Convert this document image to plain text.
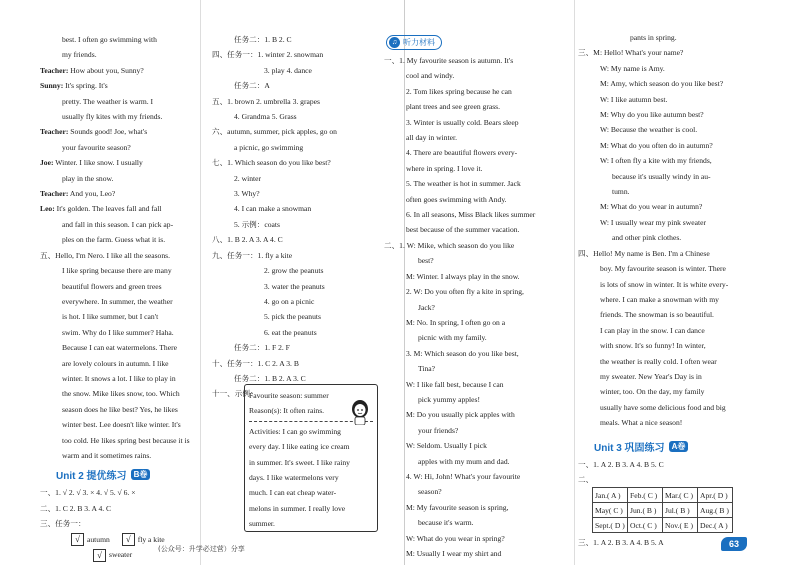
best. I often go swimming with
my friends.
Teacher: How about you, Sunny?
Sunny: It's spring. It's
pretty. The weather is warm. I
usually fly kites with my friends.
Teacher: Sounds good! Joe, what's
your favourite season?
Joe: Winter. I like snow. I usually
play in the snow.
Teacher: And you, Leo?
Leo: It's golden. The leaves fall and fall
and fall in this season. I can pick ap-
ples on the farm. Guess what it is.
五、Hello, I'm Nero. I like all the seasons.
I like spring because there are many
beautiful flowers and green trees
everywhere. In summer, the weather
is hot. I like summer, but I can't
swim. Why do I like summer? Haha.
Because I can eat watermelons. There
are lovely colours in autumn. I like
winter. It snows a lot. I like to play in
the snow. Mike likes snow, too. Which
season does he like best? Yes, he likes
winter best. Lee doesn't like winter. It's
too cold. He likes spring best because it is
warm and it sometimes rains.
Unit 2 提优练习 B卷
一、1. √ 2. √ 3. × 4. √ 5. √ 6. ×
二、1. C 2. B 3. A 4. C
三、任务一：
√ autumn √ fly a kite
√ sweater
任务二：1. B 2. C
四、任务一：1. winter 2. snowman
3. play 4. dance
任务二：A
五、1. brown 2. umbrella 3. grapes
4. Grandma 5. Grass
六、autumn, summer, pick apples, go on
a picnic, go swimming
七、1. Which season do you like best?
2. winter
3. Why?
4. I can make a snowman
5. 示例：coats
八、1. B 2. A 3. A 4. C
九、任务一：1. fly a kite
2. grow the peanuts
3. water the peanuts
4. go on a picnic
5. pick the peanuts
6. eat the peanuts
任务二：1. F 2. F
十、任务一：1. C 2. A 3. B
任务二：1. B 2. A 3. C
十一、示例：
Favourite season: summer
Reason(s): It often rains.
Activities: I can go swimming
every day. I like eating ice cream
in summer. It's sweet. I like rainy
days. I like watermelons very
much. I can eat cheap water-
melons in summer. I really love
summer.
♫ 听力材料
一、1. My favourite season is autumn. It's
cool and windy.
2. Tom likes spring because he can
plant trees and see green grass.
3. Winter is usually cold. Bears sleep
all day in winter.
4. There are beautiful flowers every-
where in spring. I love it.
5. The weather is hot in summer. Jack
often goes swimming with Andy.
6. In all seasons, Miss Black likes summer
best because of the summer vacation.
二、1. W: Mike, which season do you like
best?
M: Winter. I always play in the snow.
2. W: Do you often fly a kite in spring,
Jack?
M: No. In spring, I often go on a
picnic with my family.
3. M: Which season do you like best,
Tina?
W: I like fall best, because I can
pick yummy apples!
M: Do you usually pick apples with
your friends?
W: Seldom. Usually I pick
apples with my mum and dad.
4. W: Hi, John! What's your favourite
season?
M: My favourite season is spring,
because it's warm.
W: What do you wear in spring?
M: Usually I wear my shirt and
pants in spring.
三、M: Hello! What's your name?
W: My name is Amy.
M: Amy, which season do you like best?
W: I like autumn best.
M: Why do you like autumn best?
W: Because the weather is cool.
M: What do you often do in autumn?
W: I often fly a kite with my friends,
because it's usually windy in au-
tumn.
M: What do you wear in autumn?
W: I usually wear my pink sweater
and other pink clothes.
四、Hello! My name is Ben. I'm a Chinese
boy. My favourite season is winter. There
is lots of snow in winter. It is white every-
where. I can make a snowman with my
friends. The snowman is so beautiful.
I can play in the snow. I can dance
with snow. It's so funny! In winter,
the weather is really cold. I often wear
my sweater. New Year's Day is in
winter, too. On the day, my family
usually have some delicious food and big
meals. What a nice season!
Unit 3 巩固练习 A卷
一、1. A 2. B 3. A 4. B 5. C
二、
Jan.( A )	Feb.( C )	Mar.( C )	Apr.( D )
May( C )	Jun.( B )	Jul.( B )	Aug.( B )
Sept.( D )	Oct.( C )	Nov.( E )	Dec.( A )
三、1. A 2. B 3. A 4. B 5. A
(公众号：升学必过营）分享	63
